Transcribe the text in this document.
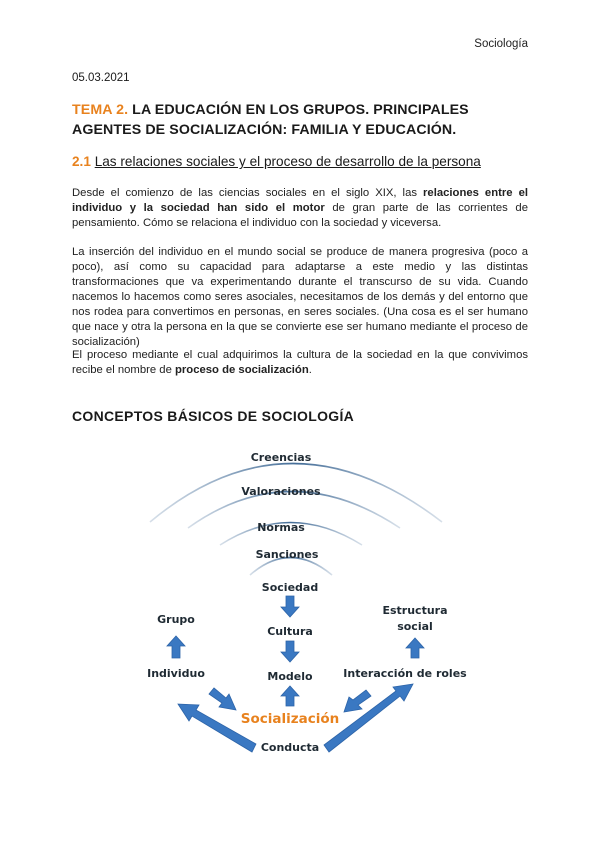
Sociología
05.03.2021
TEMA 2. LA EDUCACIÓN EN LOS GRUPOS. PRINCIPALES AGENTES DE SOCIALIZACIÓN: FAMILIA Y EDUCACIÓN.
2.1 Las relaciones sociales y el proceso de desarrollo de la persona
Desde el comienzo de las ciencias sociales en el siglo XIX, las relaciones entre el individuo y la sociedad han sido el motor de gran parte de las corrientes de pensamiento. Cómo se relaciona el individuo con la sociedad y viceversa.
La inserción del individuo en el mundo social se produce de manera progresiva (poco a poco), así como su capacidad para adaptarse a este medio y las distintas transformaciones que va experimentando durante el transcurso de su vida. Cuando nacemos lo hacemos como seres asociales, necesitamos de los demás y del entorno que nos rodea para convertimos en personas, en seres sociales. (Una cosa es el ser humano que nace y otra la persona en la que se convierte ese ser humano mediante el proceso de socialización)
El proceso mediante el cual adquirimos la cultura de la sociedad en la que convivimos recibe el nombre de proceso de socialización.
CONCEPTOS BÁSICOS DE SOCIOLOGÍA
Creencias
Valoraciones
Normas
Sanciones
Sociedad
Cultura
Modelo
Grupo
Individuo
Estructura
social
Interacción de roles
Socialización
Conducta
